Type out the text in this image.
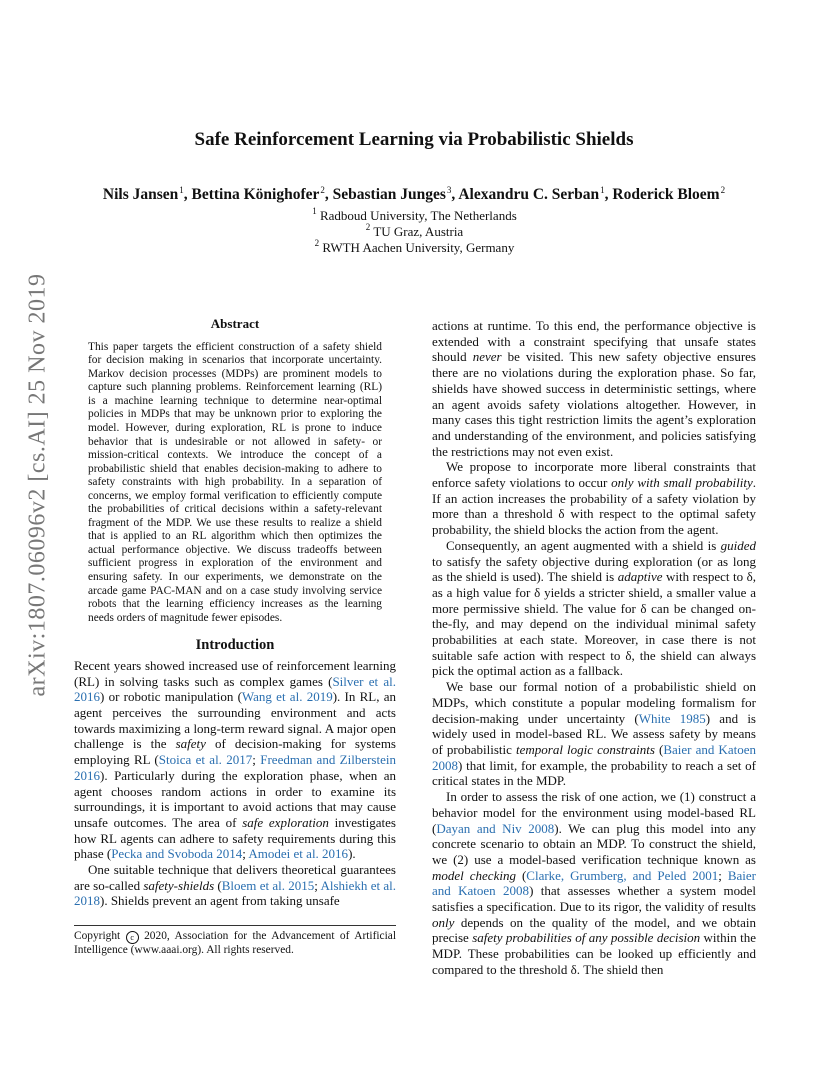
arXiv:1807.06096v2 [cs.AI] 25 Nov 2019
Safe Reinforcement Learning via Probabilistic Shields
Nils Jansen$^1$, Bettina Könighofer$^2$, Sebastian Junges$^3$, Alexandru C. Serban$^1$, Roderick Bloem$^2$
$^1$ Radboud University, The Netherlands
$^2$ TU Graz, Austria
$^2$ RWTH Aachen University, Germany
Abstract
This paper targets the efficient construction of a safety shield for decision making in scenarios that incorporate uncertainty. Markov decision processes (MDPs) are prominent models to capture such planning problems. Reinforcement learning (RL) is a machine learning technique to determine near-optimal policies in MDPs that may be unknown prior to exploring the model. However, during exploration, RL is prone to induce behavior that is undesirable or not allowed in safety- or mission-critical contexts. We introduce the concept of a probabilistic shield that enables decision-making to adhere to safety constraints with high probability. In a separation of concerns, we employ formal verification to efficiently compute the probabilities of critical decisions within a safety-relevant fragment of the MDP. We use these results to realize a shield that is applied to an RL algorithm which then optimizes the actual performance objective. We discuss tradeoffs between sufficient progress in exploration of the environment and ensuring safety. In our experiments, we demonstrate on the arcade game PAC-MAN and on a case study involving service robots that the learning efficiency increases as the learning needs orders of magnitude fewer episodes.
Introduction

Recent years showed increased use of reinforcement learning (RL) in solving tasks such as complex games (Silver et al. 2016) or robotic manipulation (Wang et al. 2019). In RL, an agent perceives the surrounding environment and acts towards maximizing a long-term reward signal. A major open challenge is the safety of decision-making for systems employing RL (Stoica et al. 2017; Freedman and Zilberstein 2016). Particularly during the exploration phase, when an agent chooses random actions in order to examine its surroundings, it is important to avoid actions that may cause unsafe outcomes. The area of safe exploration investigates how RL agents can adhere to safety requirements during this phase (Pecka and Svoboda 2014; Amodei et al. 2016).

One suitable technique that delivers theoretical guarantees are so-called safety-shields (Bloem et al. 2015; Alshiekh et al. 2018). Shields prevent an agent from taking unsafe

Copyright c 2020, Association for the Advancement of Artificial Intelligence (www.aaai.org). All rights reserved.

actions at runtime. To this end, the performance objective is extended with a constraint specifying that unsafe states should never be visited. This new safety objective ensures there are no violations during the exploration phase. So far, shields have showed success in deterministic settings, where an agent avoids safety violations altogether. However, in many cases this tight restriction limits the agent’s exploration and understanding of the environment, and policies satisfying the restrictions may not even exist.

We propose to incorporate more liberal constraints that enforce safety violations to occur only with small probability. If an action increases the probability of a safety violation by more than a threshold δ with respect to the optimal safety probability, the shield blocks the action from the agent.

Consequently, an agent augmented with a shield is guided to satisfy the safety objective during exploration (or as long as the shield is used). The shield is adaptive with respect to δ, as a high value for δ yields a stricter shield, a smaller value a more permissive shield. The value for δ can be changed on-the-fly, and may depend on the individual minimal safety probabilities at each state. Moreover, in case there is not suitable safe action with respect to δ, the shield can always pick the optimal action as a fallback.

We base our formal notion of a probabilistic shield on MDPs, which constitute a popular modeling formalism for decision-making under uncertainty (White 1985) and is widely used in model-based RL. We assess safety by means of probabilistic temporal logic constraints (Baier and Katoen 2008) that limit, for example, the probability to reach a set of critical states in the MDP.

In order to assess the risk of one action, we (1) construct a behavior model for the environment using model-based RL (Dayan and Niv 2008). We can plug this model into any concrete scenario to obtain an MDP. To construct the shield, we (2) use a model-based verification technique known as model checking (Clarke, Grumberg, and Peled 2001; Baier and Katoen 2008) that assesses whether a system model satisfies a specification. Due to its rigor, the validity of results only depends on the quality of the model, and we obtain precise safety probabilities of any possible decision within the MDP. These probabilities can be looked up efficiently and compared to the threshold δ. The shield then
